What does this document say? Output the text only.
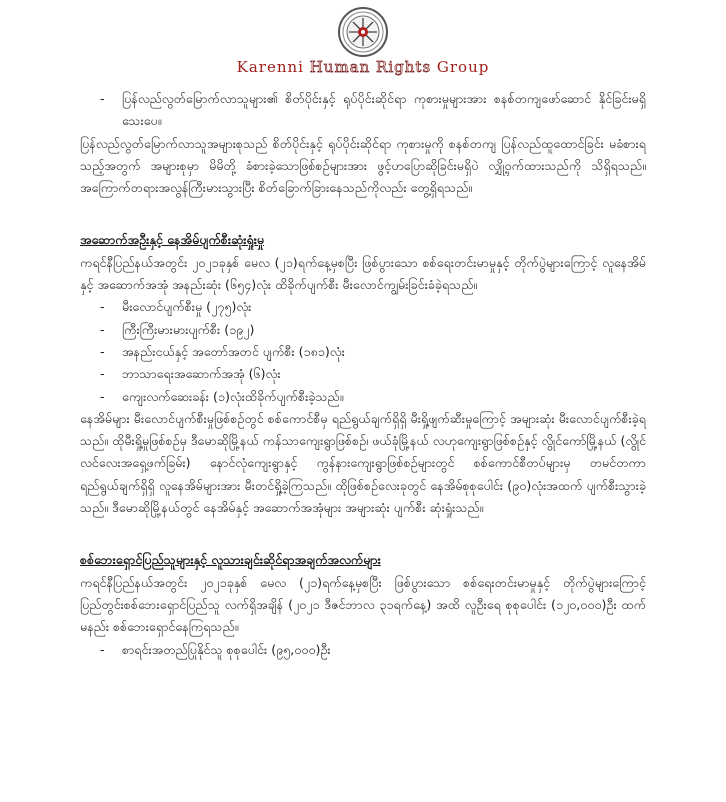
Karenni Human Rights Group

- ပြန်လည်လွတ်မြောက်လာသူများ၏ စိတ်ပိုင်းနှင့် ရုပ်ပိုင်းဆိုင်ရာ ကုစားမှုများအား စနစ်တကျဖော်ဆောင် နိုင်ခြင်းမရှိသေးပေ။

ပြန်လည်လွတ်မြောက်လာသူအများစုသည် စိတ်ပိုင်းနှင့် ရုပ်ပိုင်းဆိုင်ရာ ကုစားမှုကို စနစ်တကျ ပြန်လည်ထူထောင်ခြင်း မခံစားရသည့်အတွက် အများစုမှာ မိမိတို့ ခံစားခဲ့သောဖြစ်စဉ်များအား ဖွင့်ဟပြောဆိုခြင်းမရှိပဲ လျှို့ဝှက်ထားသည်ကို သိရှိရသည်။ အကြောက်တရားအလွန်ကြီးမားသွားပြီး စိတ်ခြောက်ခြားနေသည်ကိုလည်း တွေ့ရှိရသည်။

အဆောက်အဦးနှင့် နေအိမ်ပျက်စီးဆုံးရှုံးမှု

ကရင်နီပြည်နယ်အတွင်း ၂၀၂၁ခုနှစ် မေလ (၂၁)ရက်နေ့မှစပြီး ဖြစ်ပွားသော စစ်ရေးတင်းမာမှုနှင့် တိုက်ပွဲများကြောင့် လူနေအိမ်နှင့် အဆောက်အအုံ အနည်းဆုံး (၆၅၄)လုံး ထိခိုက်ပျက်စီး မီးလောင်ကျွမ်းခြင်းခံခဲ့ရသည်။

- မီးလောင်ပျက်စီးမှု (၂၇၅)လုံး

- ကြီးကြီးမားမားပျက်စီး (၁၉၂)

- အနည်းငယ်နှင့် အတော်အတင် ပျက်စီး (၁၈၁)လုံး

- ဘာသာရေးအဆောက်အအုံ (၆)လုံး

- ကျေးလက်ဆေးခန်း (၁)လုံးထိခိုက်ပျက်စီးခဲ့သည်။

နေအိမ်များ မီးလောင်ပျက်စီးမှုဖြစ်စဉ်တွင် စစ်ကောင်စီမှ ရည်ရွယ်ချက်ရှိရှိ မီးရှို့ဖျက်ဆီးမှုကြောင့် အများဆုံး မီးလောင်ပျက်စီးခဲ့ရသည်။ ထိုမီးရှို့မှုဖြစ်စဉ်မှ ဒီမောဆိုမြို့နယ် ကန်သာကျေးရွာဖြစ်စဉ်၊ ဖယ်ခုံမြို့နယ် လဟုကျေးရွာဖြစ်စဉ်နှင့် လွိုင်ကော်မြို့နယ် (လွိုင်လင်လေးအရှေ့ဖက်ခြမ်း) နောင်လုံကျေးရွာနှင့် ကွန်နားကျေးရွာဖြစ်စဉ်များတွင် စစ်ကောင်စီတပ်များမှ တမင်တကာ ရည်ရွယ်ချက်ရှိရှိ လူနေအိမ်များအား မီးတင်ရှို့ခဲ့ကြသည်။ ထိုဖြစ်စဉ်လေးခုတွင် နေအိမ်စုစုပေါင်း (၉၀)လုံးအထက် ပျက်စီးသွားခဲ့သည်။ ဒီမောဆိုမြို့နယ်တွင် နေအိမ်နှင့် အဆောက်အအုံများ အများဆုံး ပျက်စီး ဆုံးရှုံးသည်။

စစ်ဘေးရှောင်ပြည်သူများနှင့် လူသားချင်းဆိုင်ရာအချက်အလက်များ

ကရင်နီပြည်နယ်အတွင်း ၂၀၂၁ခုနှစ် မေလ (၂၁)ရက်နေ့မှစပြီး ဖြစ်ပွားသော စစ်ရေးတင်းမာမှုနှင့် တိုက်ပွဲများကြောင့် ပြည်တွင်းစစ်ဘေးရှောင်ပြည်သူ လက်ရှိအချိန် (၂၀၂၁ ဒီဇင်ဘာလ ၃၁ရက်နေ့) အထိ လူဦးရေ စုစုပေါင်း (၁၂၀,၀၀၀)ဦး ထက်မနည်း စစ်ဘေးရှောင်နေကြရသည်။

- စာရင်းအတည်ပြုနိုင်သူ စုစုပေါင်း (၉၅,၀၀၀)ဦး
